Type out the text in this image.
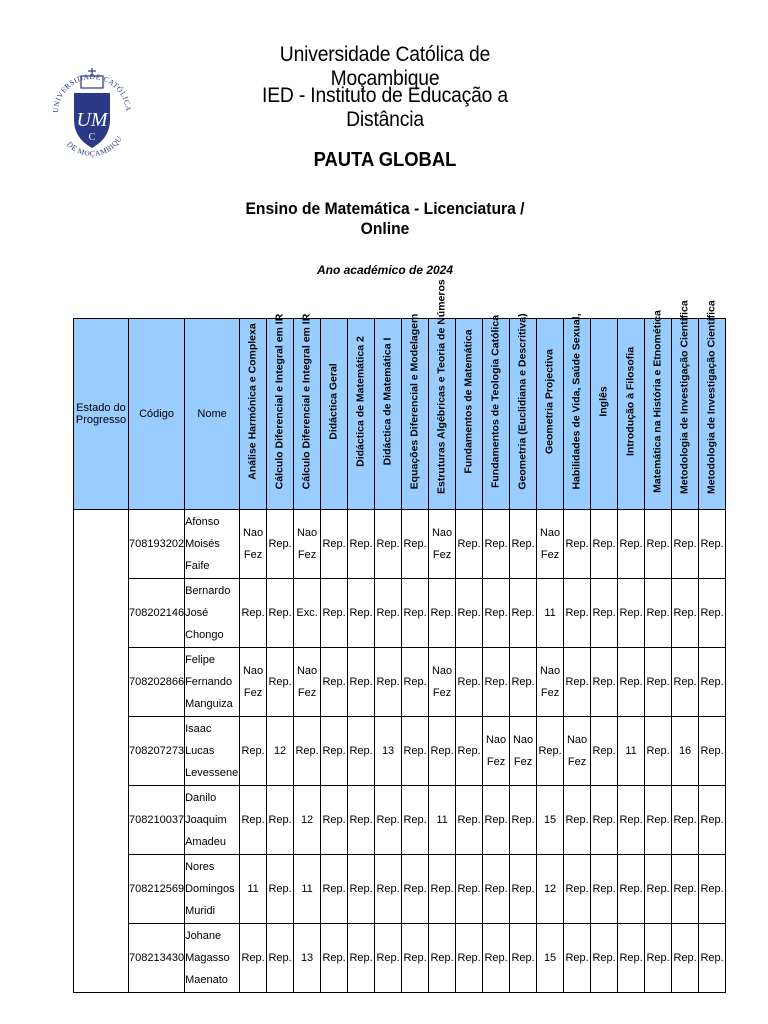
UNIVERSIDADE CATÓLICA
DE MOÇAMBIQU
UM
C
Universidade Católica de Moçambique
IED - Instituto de Educação a Distância
PAUTA GLOBAL
Ensino de Matemática - Licenciatura / Online
Ano académico de 2024
Estado do Progresso	Código	Nome	Análise Harmónica e Complexa	Cálculo Diferencial e Integral em IR	Cálculo Diferencial e Integral em IR	Didáctica Geral	Didáctica de Matemática 2	Didáctica de Matemática I	Equações Diferencial e Modelagem	Estruturas Algébricas e Teoria de Números	Fundamentos de Matemática	Fundamentos de Teologia Católica	Geometria (Euclidiana e Descritiva)	Geometria Projectiva	Habilidades de Vida, Saúde Sexual,	Inglês	Introdução à Filosofia	Matemática na História e Etnomética	Metodologia de Investigação Científica	Metodologia de Investigação Científica

	708193202	Afonso Moisés Faife	Nao Fez	Rep.	Nao Fez	Rep.	Rep.	Rep.	Rep.	Nao Fez	Rep.	Rep.	Rep.	Nao Fez	Rep.	Rep.	Rep.	Rep.	Rep.	Rep.
	708202146	Bernardo José Chongo	Rep.	Rep.	Exc.	Rep.	Rep.	Rep.	Rep.	Rep.	Rep.	Rep.	Rep.	11	Rep.	Rep.	Rep.	Rep.	Rep.	Rep.
	708202866	Felipe Fernando Manguiza	Nao Fez	Rep.	Nao Fez	Rep.	Rep.	Rep.	Rep.	Nao Fez	Rep.	Rep.	Rep.	Nao Fez	Rep.	Rep.	Rep.	Rep.	Rep.	Rep.
	708207273	Isaac Lucas Levessene	Rep.	12	Rep.	Rep.	Rep.	13	Rep.	Rep.	Rep.	Nao Fez	Nao Fez	Rep.	Nao Fez	Rep.	11	Rep.	16	Rep.
	708210037	Danilo Joaquim Amadeu	Rep.	Rep.	12	Rep.	Rep.	Rep.	Rep.	11	Rep.	Rep.	Rep.	15	Rep.	Rep.	Rep.	Rep.	Rep.	Rep.
	708212569	Nores Domingos Muridi	11	Rep.	11	Rep.	Rep.	Rep.	Rep.	Rep.	Rep.	Rep.	Rep.	12	Rep.	Rep.	Rep.	Rep.	Rep.	Rep.
	708213430	Johane Magasso Maenato	Rep.	Rep.	13	Rep.	Rep.	Rep.	Rep.	Rep.	Rep.	Rep.	Rep.	15	Rep.	Rep.	Rep.	Rep.	Rep.	Rep.
